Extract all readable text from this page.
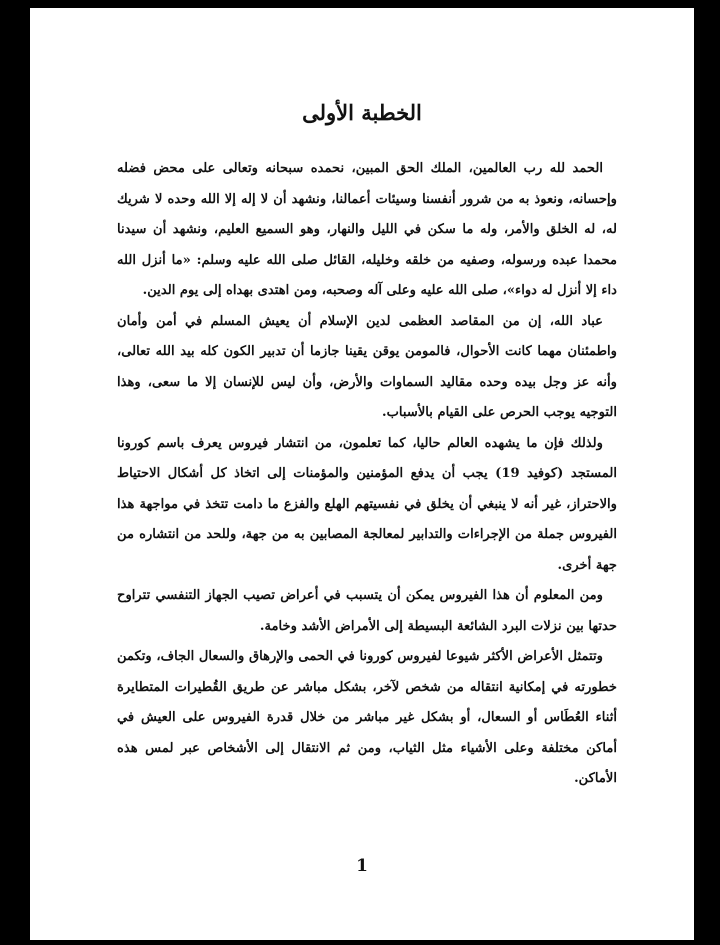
الخطبة الأولى

الحمد لله رب العالمين، الملك الحق المبين، نحمده سبحانه وتعالى على محض فضله وإحسانه، ونعوذ به من شرور أنفسنا وسيئات أعمالنا، ونشهد أن لا إله إلا الله وحده لا شريك له، له الخلق والأمر، وله ما سكن في الليل والنهار، وهو السميع العليم، ونشهد أن سيدنا محمدا عبده ورسوله، وصفيه من خلقه وخليله، القائل صلى الله عليه وسلم: «ما أنزل الله داء إلا أنزل له دواء»، صلى الله عليه وعلى آله وصحبه، ومن اهتدى بهداه إلى يوم الدين.

عباد الله، إن من المقاصد العظمى لدين الإسلام أن يعيش المسلم في أمن وأمان واطمئنان مهما كانت الأحوال، فالمومن يوقن يقينا جازما أن تدبير الكون كله بيد الله تعالى، وأنه عز وجل بيده وحده مقاليد السماوات والأرض، وأن ليس للإنسان إلا ما سعى، وهذا التوجيه يوجب الحرص على القيام بالأسباب.

ولذلك فإن ما يشهده العالم حاليا، كما تعلمون، من انتشار فيروس يعرف باسم كورونا المستجد (كوفيد 19) يجب أن يدفع المؤمنين والمؤمنات إلى اتخاذ كل أشكال الاحتياط والاحتراز، غير أنه لا ينبغي أن يخلق في نفسيتهم الهلع والفزع ما دامت تتخذ في مواجهة هذا الفيروس جملة من الإجراءات والتدابير لمعالجة المصابين به من جهة، وللحد من انتشاره من جهة أخرى.

ومن المعلوم أن هذا الفيروس يمكن أن يتسبب في أعراض تصيب الجهاز التنفسي تتراوح حدتها بين نزلات البرد الشائعة البسيطة إلى الأمراض الأشد وخامة.

وتتمثل الأعراض الأكثر شيوعا لفيروس كورونا في الحمى والإرهاق والسعال الجاف، وتكمن خطورته في إمكانية انتقاله من شخص لآخر، بشكل مباشر عن طريق القُطيرات المتطايرة أثناء العُطَاس أو السعال، أو بشكل غير مباشر من خلال قدرة الفيروس على العيش في أماكن مختلفة وعلى الأشياء مثل الثياب، ومن ثم الانتقال إلى الأشخاص عبر لمس هذه الأماكن.

1
